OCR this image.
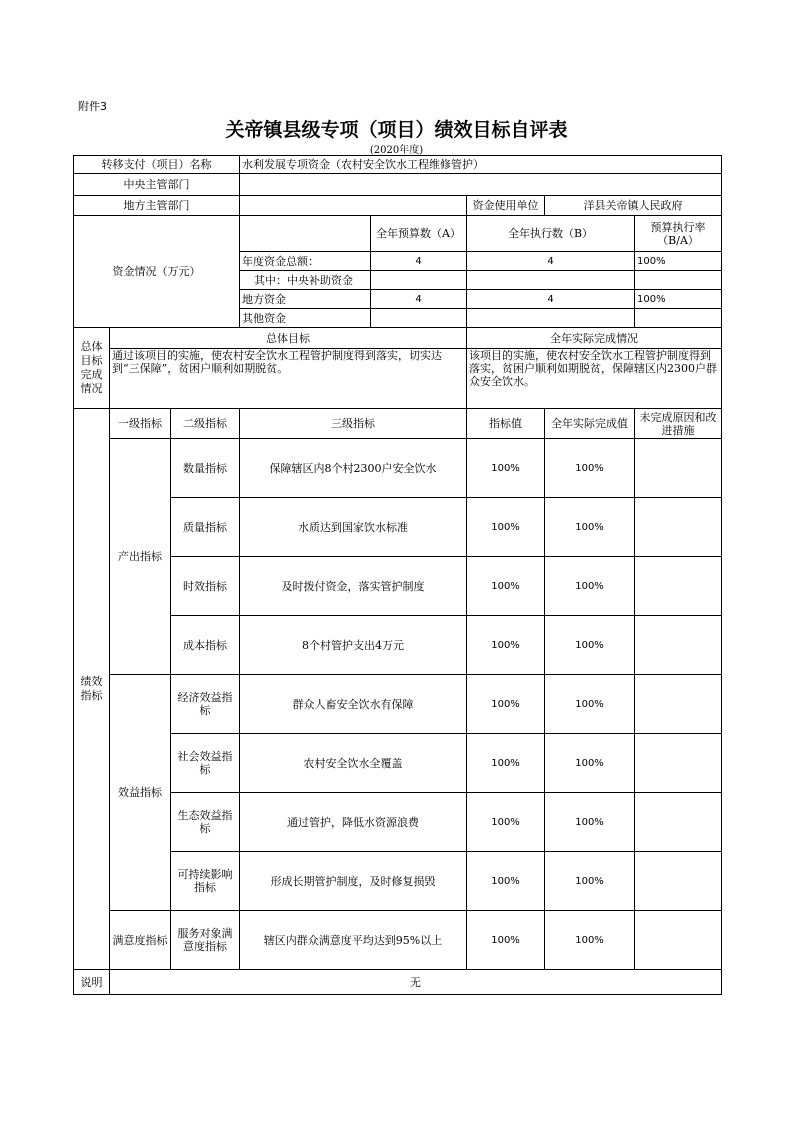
附件3
关帝镇县级专项（项目）绩效目标自评表
(2020年度)
转移支付（项目）名称			水利发展专项资金（农村安全饮水工程维修管护）				
中央主管部门							
地方主管部门					资金使用单位	洋县关帝镇人民政府	
资金情况（万元）				全年预算数（A）	全年执行数（B）		预算执行率（B/A）
			年度资金总额：	4	4		100%
			其中：中央补助资金				
			地方资金	4	4		100%
			其他资金				
总体目标完成情况	总体目标				全年实际完成情况		
	通过该项目的实施，使农村安全饮水工程管护制度得到落实，切实达到“三保障”，贫困户顺利如期脱贫。				该项目的实施，使农村安全饮水工程管护制度得到落实，贫困户顺利如期脱贫，保障辖区内2300户群众安全饮水。		
绩效指标	一级指标	二级指标	三级指标		指标值	全年实际完成值	未完成原因和改进措施
	产出指标	数量指标	保障辖区内8个村2300户安全饮水		100%	100%	
		质量指标	水质达到国家饮水标准		100%	100%	
		时效指标	及时拨付资金，落实管护制度		100%	100%	
		成本指标	8个村管护支出4万元		100%	100%	
	效益指标	经济效益指标	群众人畜安全饮水有保障		100%	100%	
		社会效益指标	农村安全饮水全覆盖		100%	100%	
		生态效益指标	通过管护，降低水资源浪费		100%	100%	
		可持续影响指标	形成长期管护制度，及时修复损毁		100%	100%	
	满意度指标	服务对象满意度指标	辖区内群众满意度平均达到95%以上		100%	100%	
说明	无						
